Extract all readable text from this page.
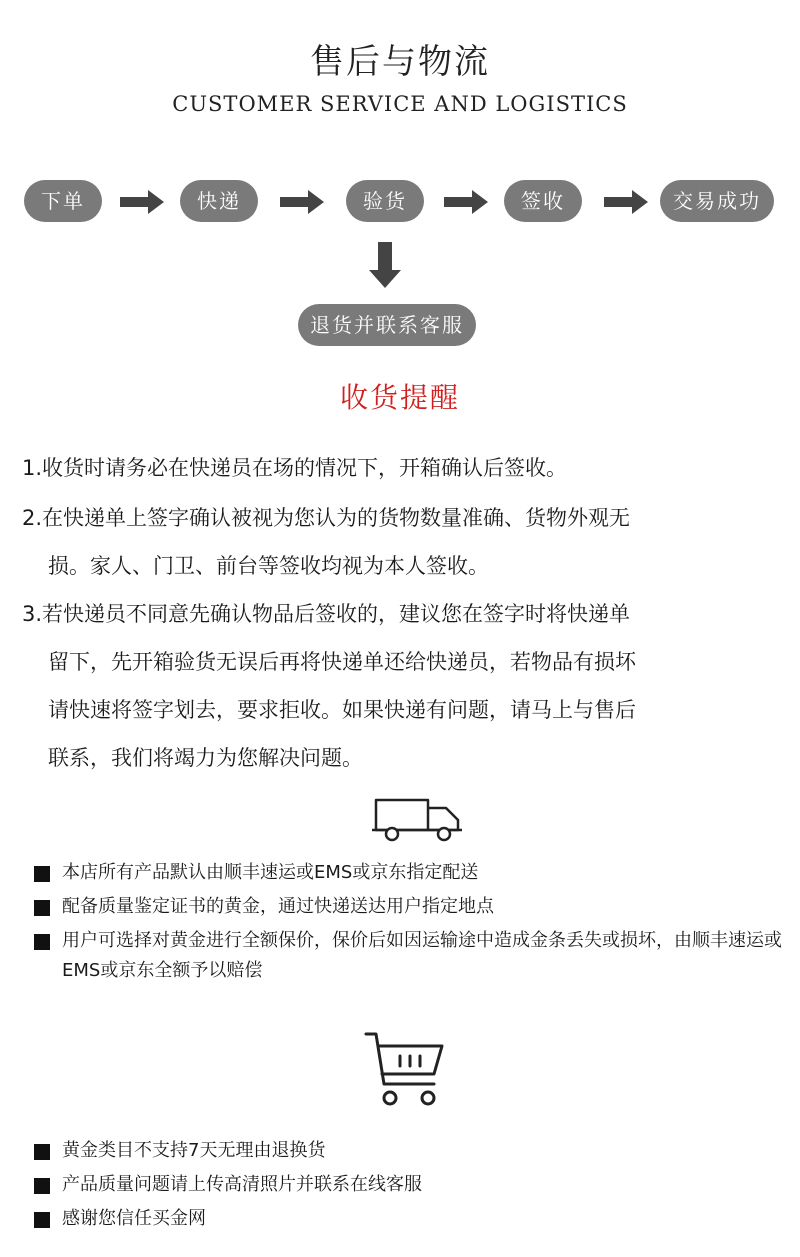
售后与物流
CUSTOMER SERVICE AND LOGISTICS
下单	快递	验货	签收	交易成功
退货并联系客服
收货提醒
1.收货时请务必在快递员在场的情况下，开箱确认后签收。
2.在快递单上签字确认被视为您认为的货物数量准确、货物外观无
损。家人、门卫、前台等签收均视为本人签收。
3.若快递员不同意先确认物品后签收的，建议您在签字时将快递单
留下，先开箱验货无误后再将快递单还给快递员，若物品有损坏
请快速将签字划去，要求拒收。如果快递有问题，请马上与售后
联系，我们将竭力为您解决问题。
本店所有产品默认由顺丰速运或EMS或京东指定配送
配备质量鉴定证书的黄金，通过快递送达用户指定地点
用户可选择对黄金进行全额保价，保价后如因运输途中造成金条丢失或损坏，由顺丰速运或EMS或京东全额予以赔偿
黄金类目不支持7天无理由退换货
产品质量问题请上传高清照片并联系在线客服
感谢您信任买金网
